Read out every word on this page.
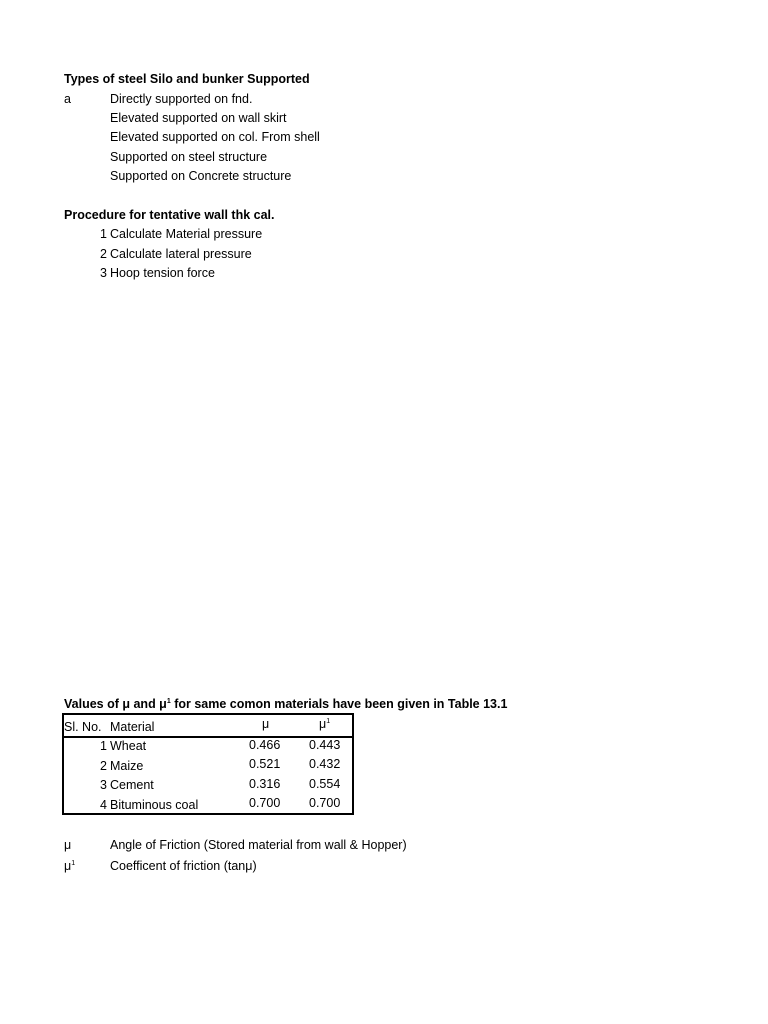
Types of steel Silo and bunker Supported
a	Directly supported on fnd.
Elevated supported on wall skirt
Elevated supported on col. From shell
Supported on steel structure
Supported on Concrete structure
Procedure for tentative wall thk cal.
1 Calculate Material pressure
2 Calculate lateral pressure
3 Hoop tension force
Values of μ and $\mu^1$ for same comon materials have been given in Table 13.1
Sl. No. Material	μ	$\mu^1$
1 Wheat	0.466 0.443
2 Maize	0.521 0.432
3 Cement	0.316 0.554
4 Bituminous coal	0.700 0.700
μ	Angle of Friction (Stored material from wall & Hopper)
$\mu^1$	Coefficent of friction (tanμ)
